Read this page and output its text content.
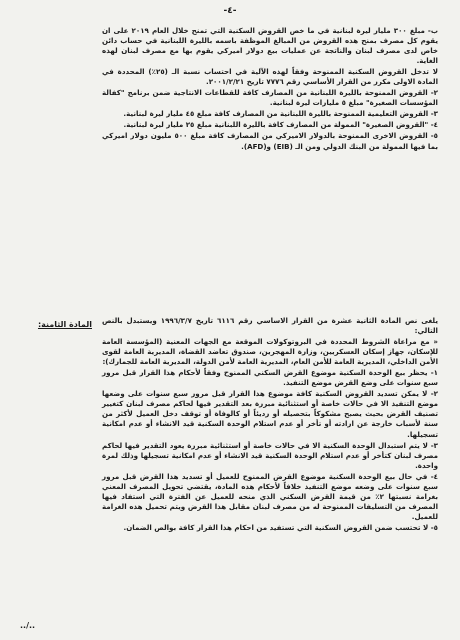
-٤-

ب- مبلغ ٣٠٠ مليار ليرة لبنانية في ما خص القروض السكنية التي تمنح خلال العام ٢٠١٩ على ان يقوم كل مصرف بمنح هذه القروض من المبالغ الموظفة باسمه بالليرة اللبنانية في حساب دائن خاص لدى مصرف لبنان والناتجة عن عمليات بيع دولار اميركي يقوم بها مع مصرف لبنان لهذه الغاية.

لا تدخل القروض السكنية الممنوحة وفقاً لهذه الآلية في احتساب نسبة الـ (٢٥٪) المحددة في المادة الاولى مكرر من القرار الأساسي رقم ٧٧٧٦ تاريخ ٢٠٠١/٢/٢١.

٢- القروض الممنوحة بالليرة اللبنانية من المصارف كافة للقطاعات الانتاجية ضمن برنامج "كفالة المؤسسات الصغيرة" مبلغ ٥ مليارات ليرة لبنانية.

٣- القروض التعليمية الممنوحة بالليرة اللبنانية من المصارف كافة مبلغ ٤٥ مليار ليرة لبنانية.

٤- "القروض الصغيرة" الممولة من المصارف كافة بالليرة اللبنانية مبلغ ٢٥ مليار ليرة لبنانية.

٥- القروض الاخرى الممنوحة بالدولار الاميركي من المصارف كافة مبلغ ٥٠٠ مليون دولار اميركي بما فيها الممولة من البنك الدولي ومن الـ (EIB) و(AFD).

المادة الثامنة: يلغى نص المادة الثانية عشرة من القرار الاساسي رقم ٦١١٦ تاريخ ١٩٩٦/٣/٧ ويستبدل بالنص التالي:

« مع مراعاة الشروط المحددة في البروتوكولات الموقعة مع الجهات المعنية (المؤسسة العامة للإسكان، جهاز إسكان العسكريين، وزارة المهجرين، صندوق تعاضد القضاة، المديرية العامة لقوى الأمن الداخلي، المديرية العامة للأمن العام، المديرية العامة لأمن الدولة، المديرية العامة للجمارك):

١- يحظر بيع الوحدة السكنية موضوع القرض السكني الممنوح وفقاً لأحكام هذا القرار قبل مرور سبع سنوات على وضع القرض موضع التنفيذ.

٢- لا يمكن تسديد القروض السكنية كافة موضوع هذا القرار قبل مرور سبع سنوات على وضعها موضع التنفيذ الا في حالات خاصة أو استثنائية مبررة بعد التقدير فيها لحاكم مصرف لبنان كتغيير تصنيف القرض بحيث يصبح مشكوكاً بتحصيله أو رديئاً أو كالوفاة أو توقف دخل العميل لأكثر من سنة لأسباب خارجة عن ارادته أو تأخر أو عدم استلام الوحدة السكنية قيد الانشاء أو عدم امكانية تسجيلها.

٣- لا يتم استبدال الوحدة السكنية الا في حالات خاصة أو استثنائية مبررة يعود التقدير فيها لحاكم مصرف لبنان كتأخر أو عدم استلام الوحدة السكنية قيد الانشاء أو عدم امكانية تسجيلها وذلك لمرة واحدة.

٤- في حال بيع الوحدة السكنية موضوع القرض الممنوح للعميل أو تسديد هذا القرض قبل مرور سبع سنوات على وضعه موضع التنفيذ خلافاً لأحكام هذه المادة، يقتضي تحويل المصرف المعني بغرامة نسبتها ٢٪ من قيمة القرض السكني الذي منحه للعميل عن الفترة التي استفاد فيها المصرف من التسليفات الممنوحة له من مصرف لبنان مقابل هذا القرض ويتم تحميل هذه الغرامة للعميل.

٥- لا تحتسب ضمن القروض السكنية التي تستفيد من احكام هذا القرار كافة بوالص الضمان.

../..
